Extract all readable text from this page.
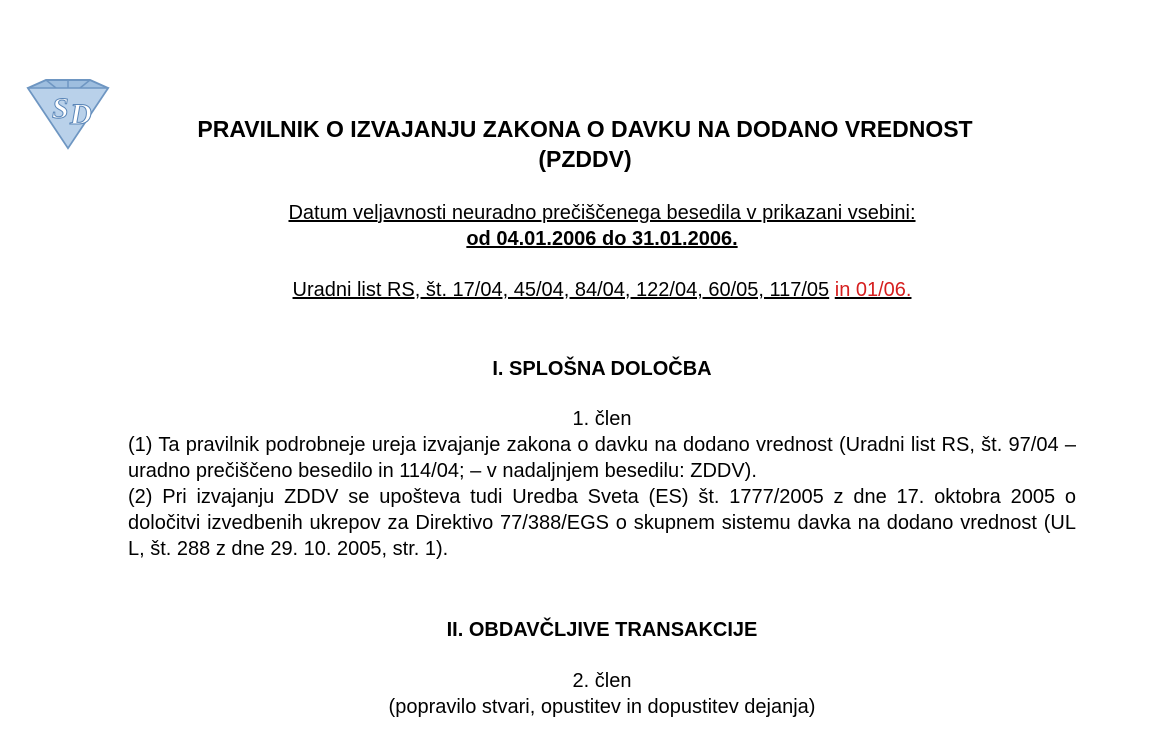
S D	PRAVILNIK O IZVAJANJU ZAKONA O DAVKU NA DODANO VREDNOST
(PZDDV)
Datum veljavnosti neuradno prečiščenega besedila v prikazani vsebini:
od 04.01.2006 do 31.01.2006.
Uradni list RS, št. 17/04, 45/04, 84/04, 122/04, 60/05, 117/05 in 01/06.
I. SPLOŠNA DOLOČBA
1. člen

(1) Ta pravilnik podrobneje ureja izvajanje zakona o davku na dodano vrednost (Uradni list RS, št. 97/04 – uradno prečiščeno besedilo in 114/04; – v nadaljnjem besedilu: ZDDV).

(2) Pri izvajanju ZDDV se upošteva tudi Uredba Sveta (ES) št. 1777/2005 z dne 17. oktobra 2005 o določitvi izvedbenih ukrepov za Direktivo 77/388/EGS o skupnem sistemu davka na dodano vrednost (UL L, št. 288 z dne 29. 10. 2005, str. 1).

II. OBDAVČLJIVE TRANSAKCIJE
2. člen
(popravilo stvari, opustitev in dopustitev dejanja)
